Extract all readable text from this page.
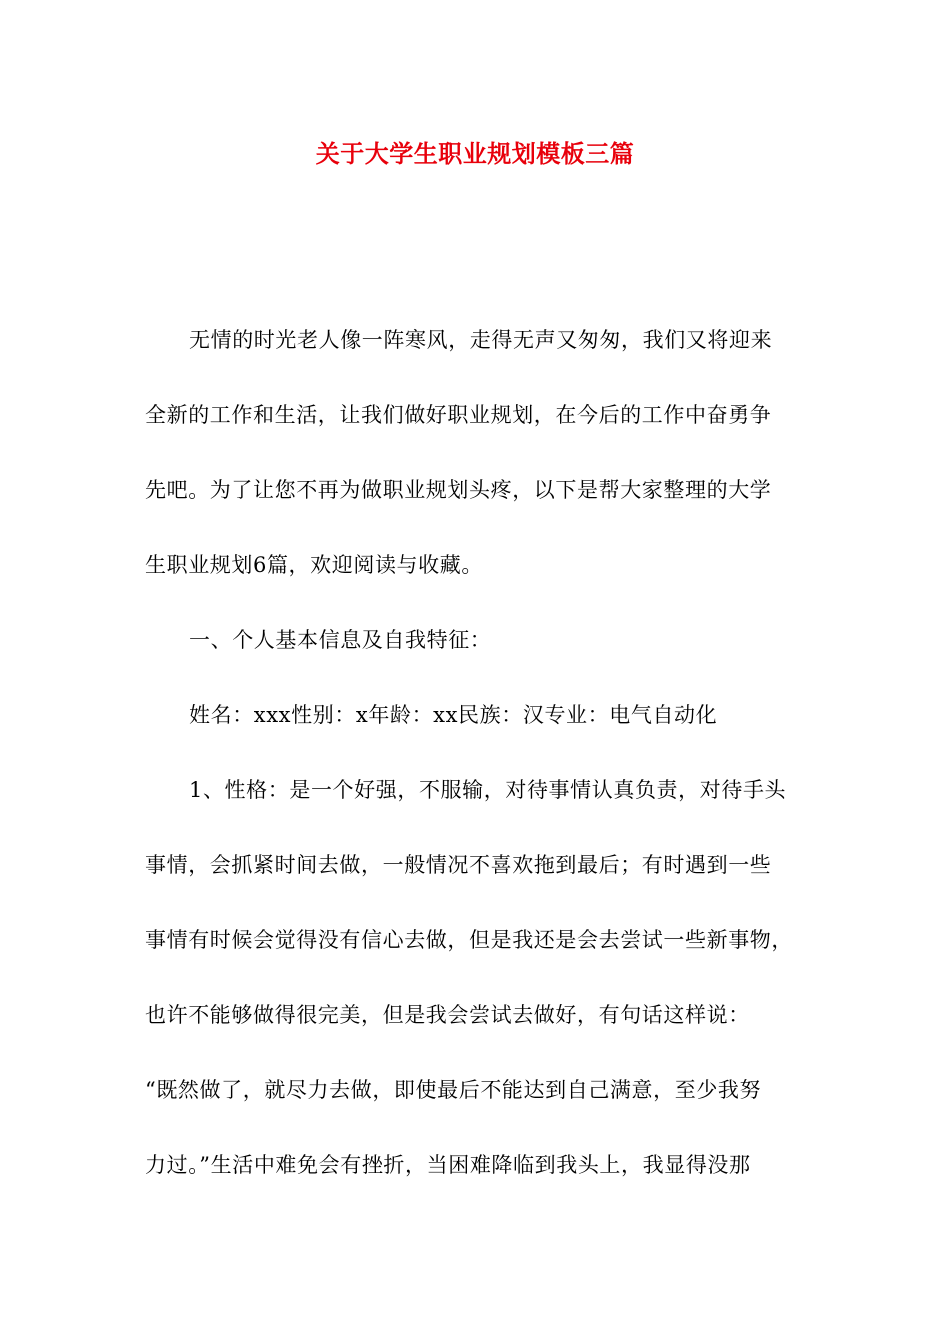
关于大学生职业规划模板三篇
无情的时光老人像一阵寒风，走得无声又匆匆，我们又将迎来
全新的工作和生活，让我们做好职业规划，在今后的工作中奋勇争
先吧。为了让您不再为做职业规划头疼，以下是帮大家整理的大学
生职业规划6篇，欢迎阅读与收藏。
一、个人基本信息及自我特征：
姓名：xxx性别：x年龄：xx民族：汉专业：电气自动化
1、性格：是一个好强，不服输，对待事情认真负责，对待手头
事情，会抓紧时间去做，一般情况不喜欢拖到最后；有时遇到一些
事情有时候会觉得没有信心去做，但是我还是会去尝试一些新事物，
也许不能够做得很完美，但是我会尝试去做好，有句话这样说：
“既然做了，就尽力去做，即使最后不能达到自己满意，至少我努
力过。”生活中难免会有挫折，当困难降临到我头上，我显得没那
